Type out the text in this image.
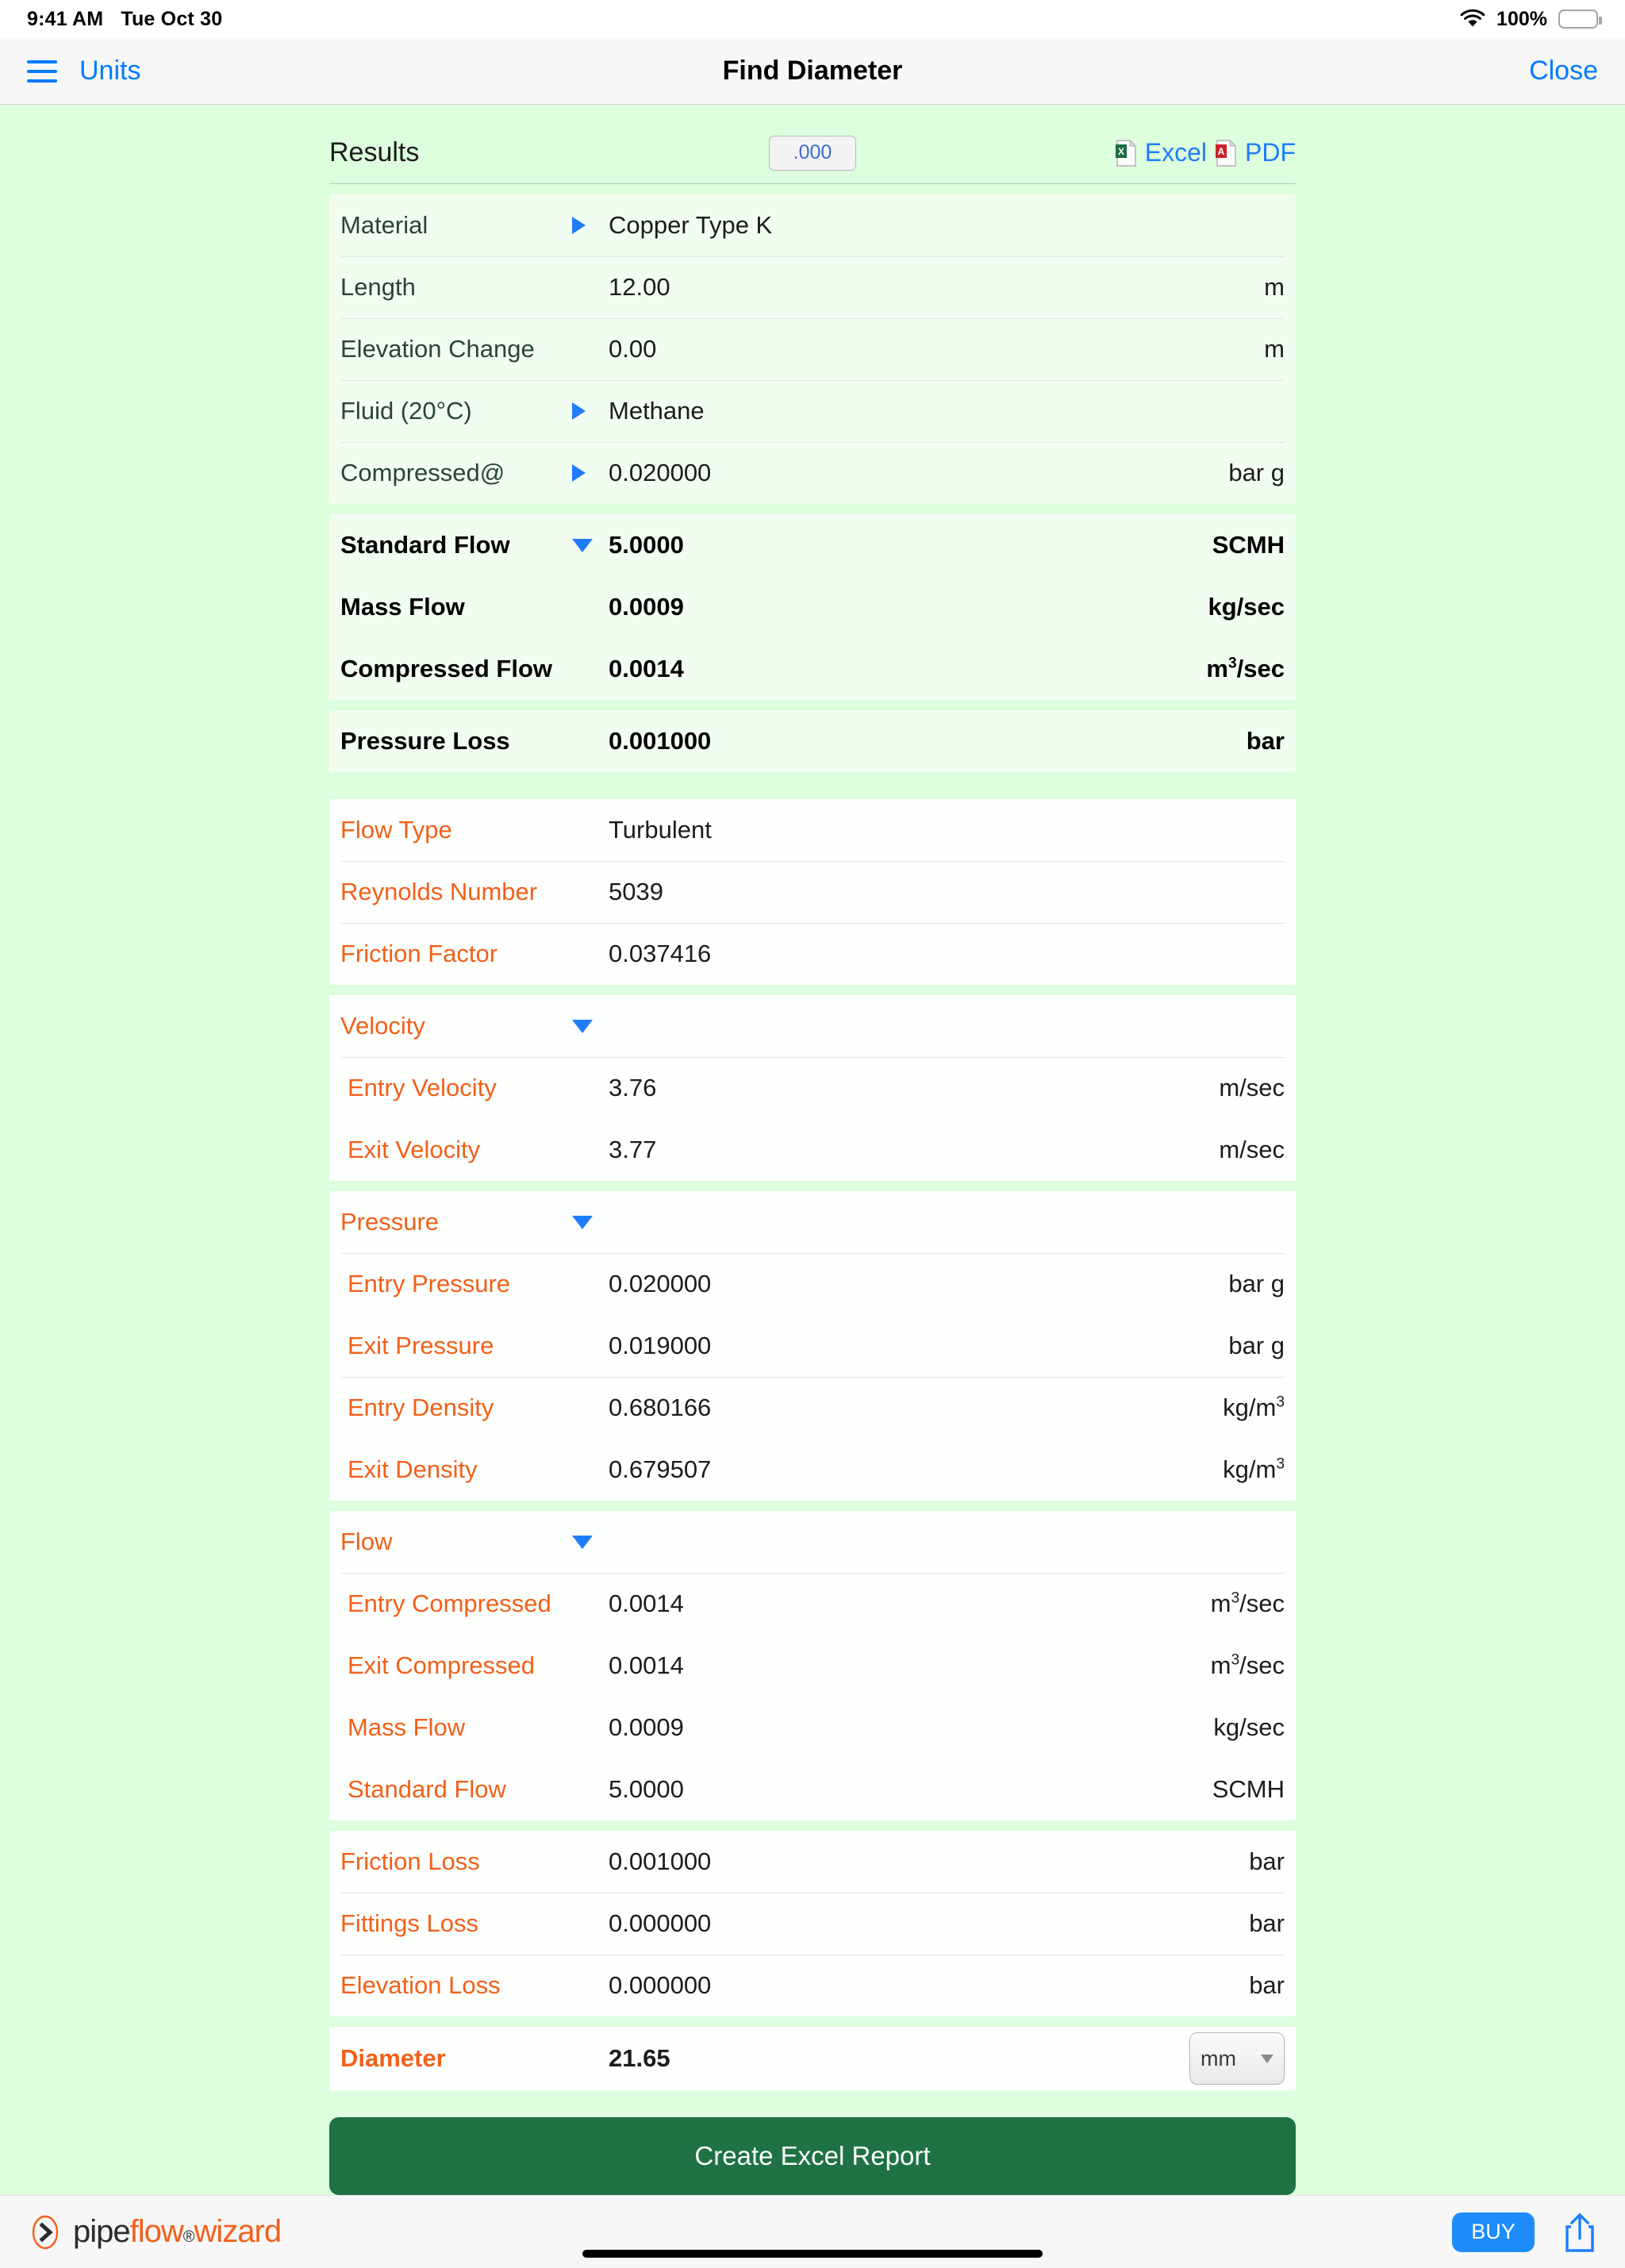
9:41 AM Tue Oct 30	100%
Units	Find Diameter	Close
Results	.000	X Excel A PDF
Material	Copper Type K
Length	12.00	m
Elevation Change	0.00	m
Fluid (20°C)	Methane
Compressed@	0.020000	bar g
Standard Flow	5.0000	SCMH
Mass Flow	0.0009	kg/sec
Compressed Flow	0.0014	$m^3/\sec$
Pressure Loss	0.001000	bar
Flow Type	Turbulent
Reynolds Number	5039
Friction Factor	0.037416
Velocity
Entry Velocity	3.76	m/sec
Exit Velocity	3.77	m/sec
Pressure
Entry Pressure	0.020000	bar g
Exit Pressure	0.019000	bar g
Entry Density	0.680166	$kg/m^3$
Exit Density	0.679507	$kg/m^3$
Flow
Entry Compressed	0.0014	$m^3/\sec$
Exit Compressed	0.0014	$m^3/\sec$
Mass Flow	0.0009	kg/sec
Standard Flow	5.0000	SCMH
Friction Loss	0.001000	bar
Fittings Loss	0.000000	bar
Elevation Loss	0.000000	bar
Diameter	21.65	mm
Create Excel Report
pipe flow ® wizard	BUY
